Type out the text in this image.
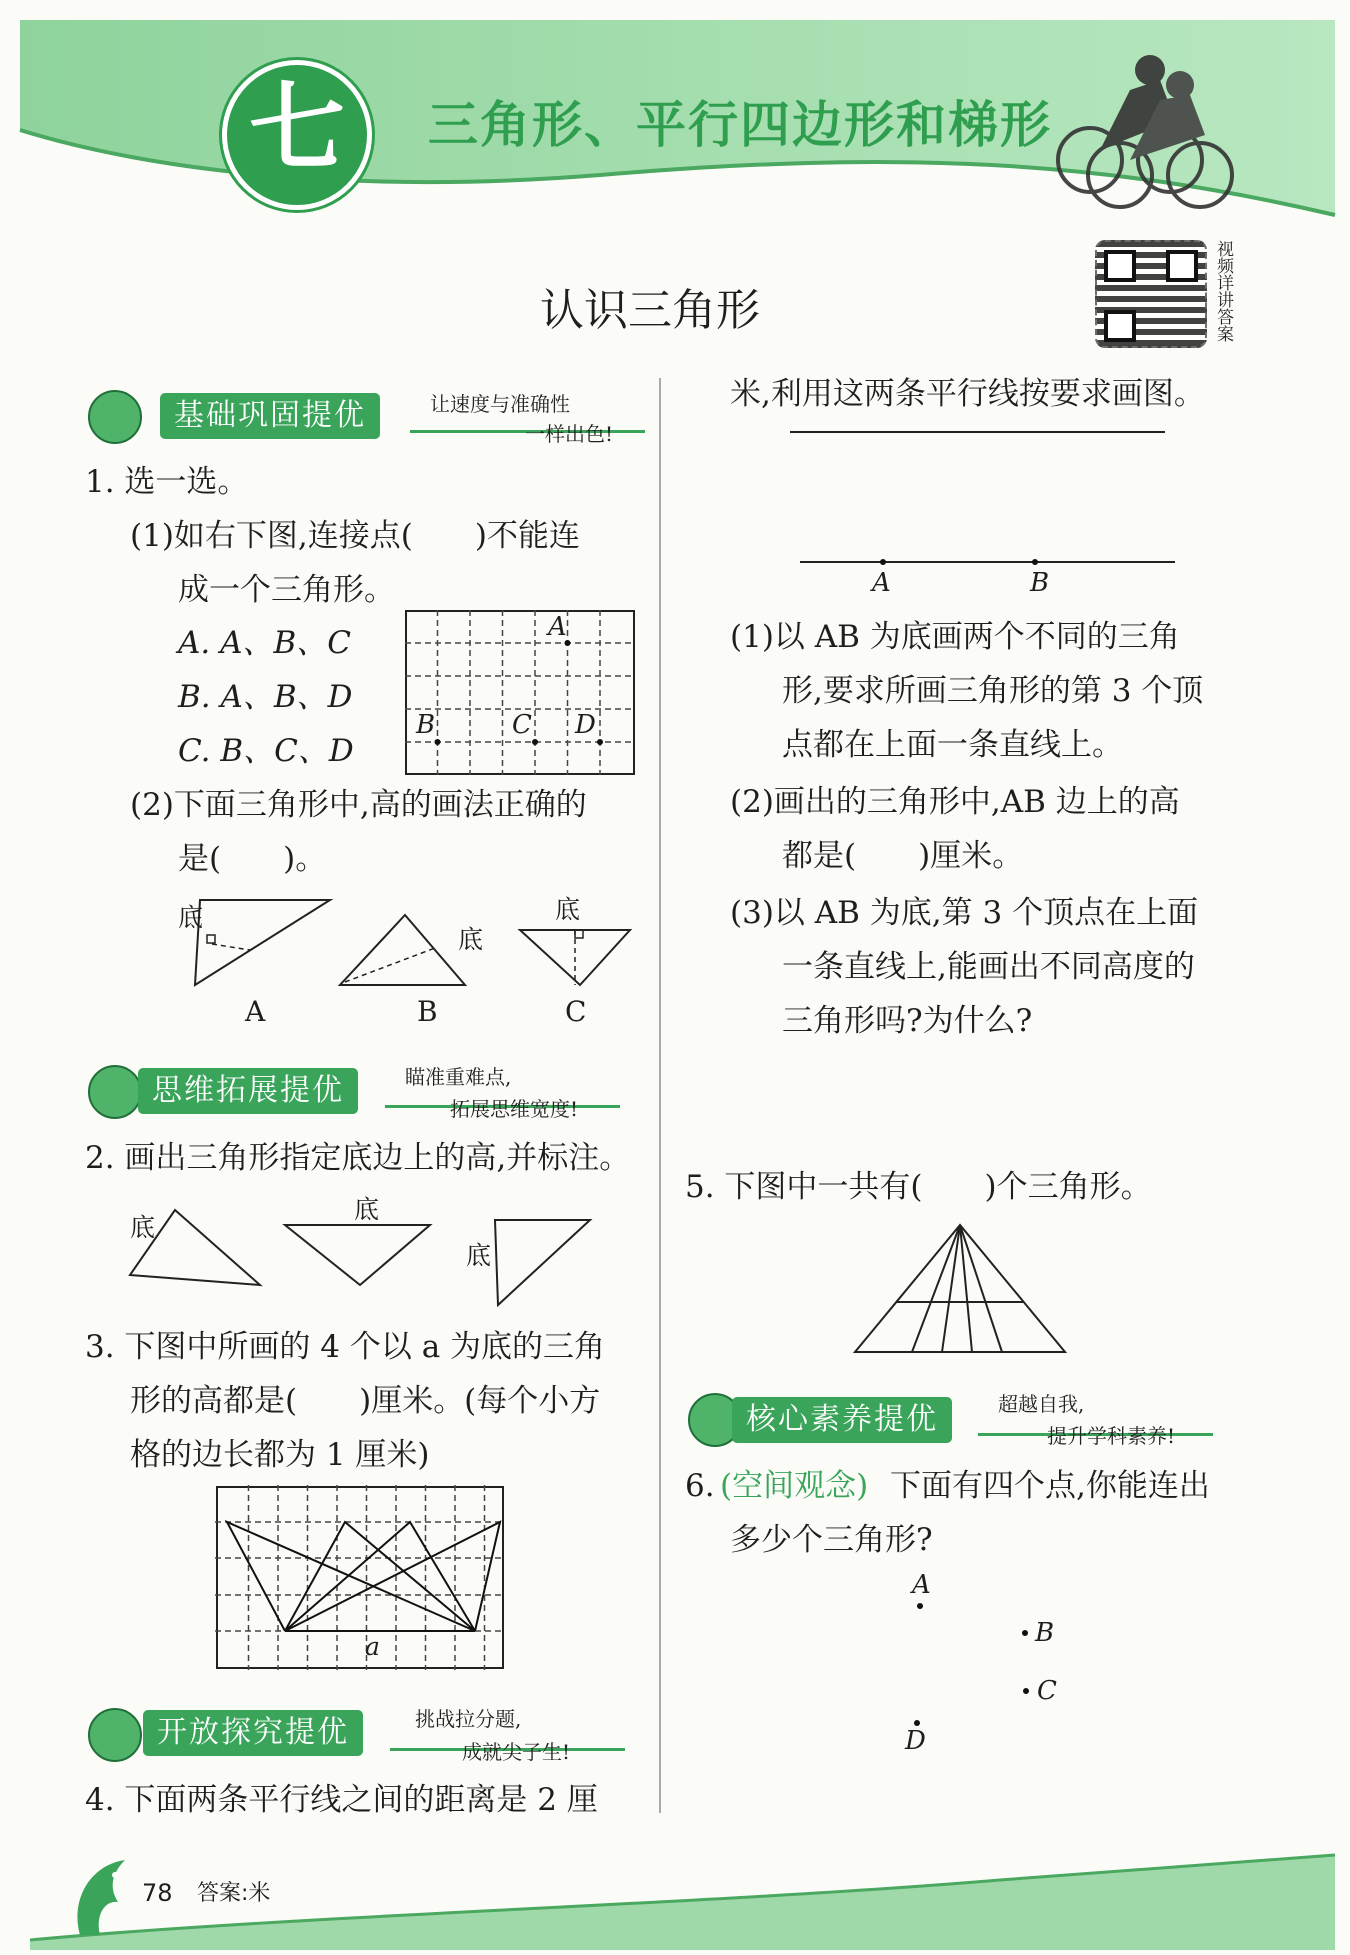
七	三角形、平行四边形和梯形
认识三角形	视频详讲答案
基础巩固提优	让速度与准确性
一样出色!
1. 选一选。
(1)如右下图,连接点(　　)不能连
成一个三角形。
A. A、B、C
B. A、B、D
C. B、C、D
A
B	C D
(2)下面三角形中,高的画法正确的
是(　　)。
底
底
底
A	B	C
思维拓展提优	瞄准重难点,
拓展思维宽度!
2. 画出三角形指定底边上的高,并标注。
底
底
底
3. 下图中所画的 4 个以 a 为底的三角
形的高都是(　　)厘米。(每个小方
格的边长都为 1 厘米)
a
开放探究提优	挑战拉分题,
成就尖子生!
4. 下面两条平行线之间的距离是 2 厘
米,利用这两条平行线按要求画图。
A	B
(1)以 AB 为底画两个不同的三角
形,要求所画三角形的第 3 个顶
点都在上面一条直线上。
(2)画出的三角形中,AB 边上的高
都是(　　)厘米。
(3)以 AB 为底,第 3 个顶点在上面
一条直线上,能画出不同高度的
三角形吗?为什么?
5. 下图中一共有(　　)个三角形。
核心素养提优	超越自我,
提升学科素养!
6. (空间观念) 下面有四个点,你能连出
多少个三角形?
A
B
C
D
78 答案:米
